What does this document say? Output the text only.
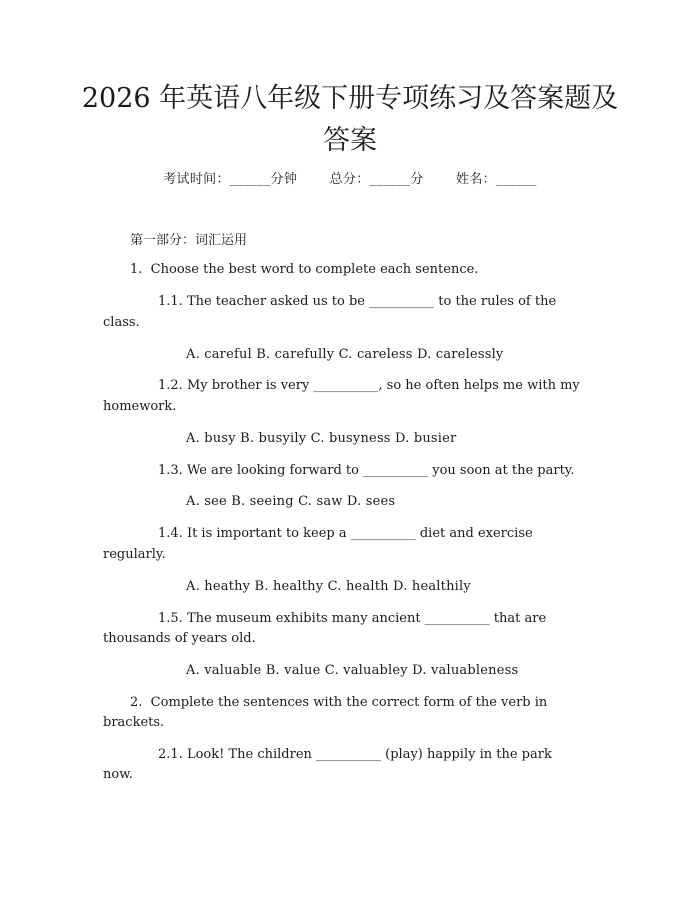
2026 年英语八年级下册专项练习及答案题及
答案
考试时间：______分钟 总分：______分 姓名：______
第一部分：词汇运用
1.  Choose the best word to complete each sentence.
1.1. The teacher asked us to be __________ to the rules of the
class.
A. careful B. carefully C. careless D. carelessly
1.2. My brother is very __________, so he often helps me with my
homework.
A. busy B. busyily C. busyness D. busier
1.3. We are looking forward to __________ you soon at the party.
A. see B. seeing C. saw D. sees
1.4. It is important to keep a __________ diet and exercise
regularly.
A. heathy B. healthy C. health D. healthily
1.5. The museum exhibits many ancient __________ that are
thousands of years old.
A. valuable B. value C. valuabley D. valuableness
2.  Complete the sentences with the correct form of the verb in
brackets.
2.1. Look! The children __________ (play) happily in the park
now.
